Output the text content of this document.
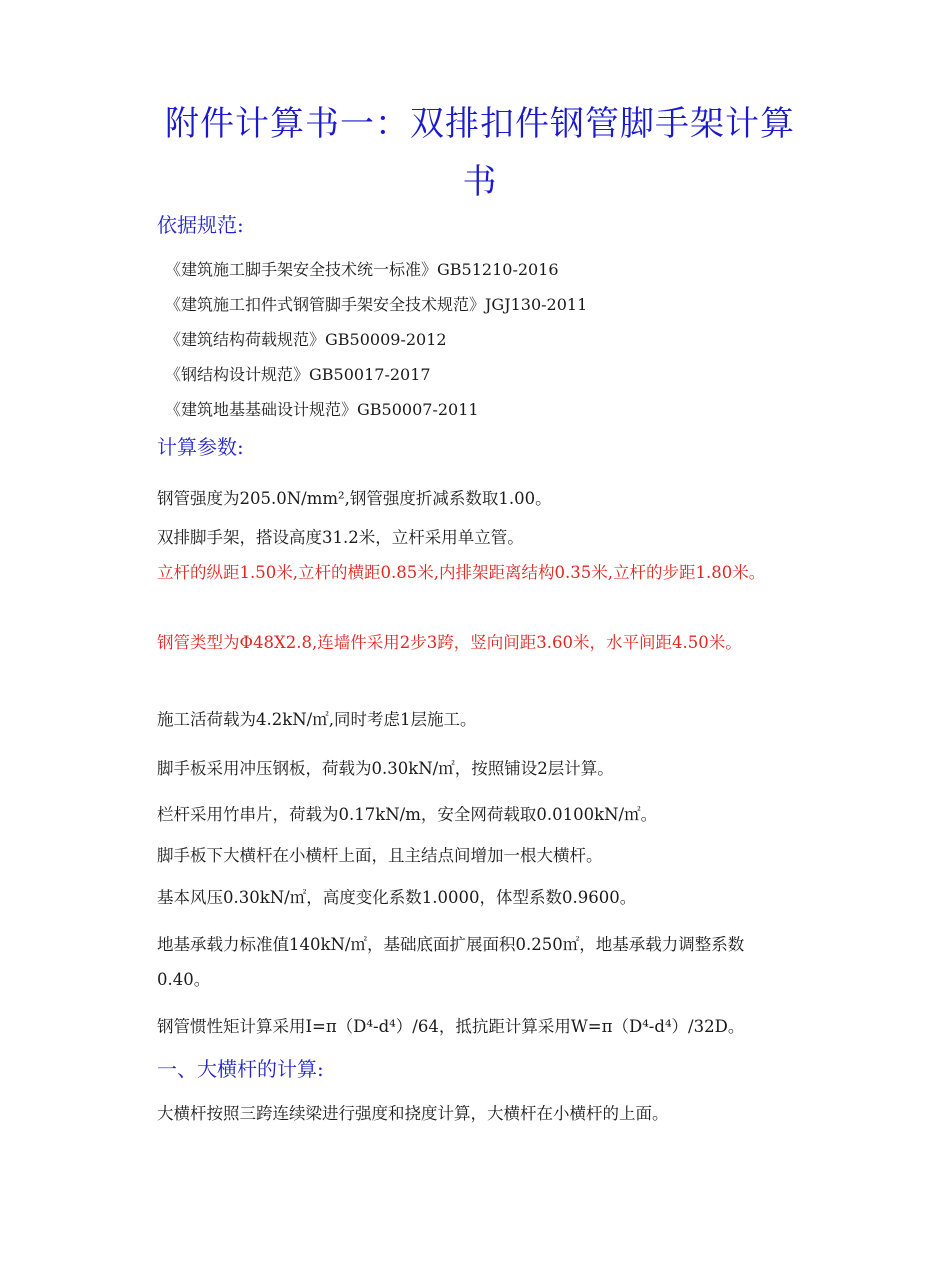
附件计算书一：双排扣件钢管脚手架计算书
依据规范:
《建筑施工脚手架安全技术统一标准》GB51210-2016
《建筑施工扣件式钢管脚手架安全技术规范》JGJ130-2011
《建筑结构荷载规范》GB50009-2012
《钢结构设计规范》GB50017-2017
《建筑地基基础设计规范》GB50007-2011
计算参数:
钢管强度为205.0N/mm²,钢管强度折减系数取1.00。
双排脚手架，搭设高度31.2米，立杆采用单立管。
立杆的纵距1.50米,立杆的横距0.85米,内排架距离结构0.35米,立杆的步距1.80米。
钢管类型为Φ48X2.8,连墙件采用2步3跨，竖向间距3.60米，水平间距4.50米。
施工活荷载为4.2kN/㎡,同时考虑1层施工。
脚手板采用冲压钢板，荷载为0.30kN/㎡，按照铺设2层计算。
栏杆采用竹串片，荷载为0.17kN/m，安全网荷载取0.0100kN/㎡。
脚手板下大横杆在小横杆上面，且主结点间增加一根大横杆。
基本风压0.30kN/㎡，高度变化系数1.0000，体型系数0.9600。
地基承载力标准值140kN/㎡，基础底面扩展面积0.250㎡，地基承载力调整系数0.40。
钢管惯性矩计算采用I=π（D⁴-d⁴）/64，抵抗距计算采用W=π（D⁴-d⁴）/32D。
一、大横杆的计算:
大横杆按照三跨连续梁进行强度和挠度计算，大横杆在小横杆的上面。
